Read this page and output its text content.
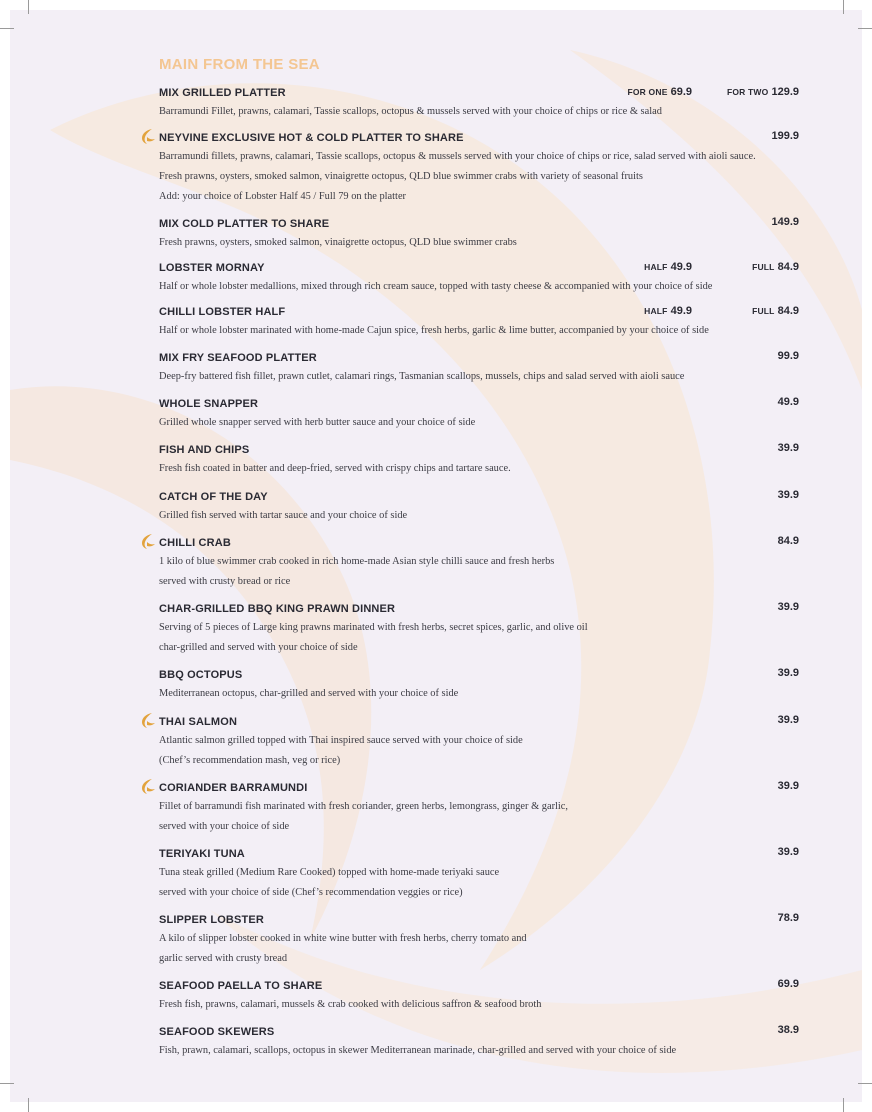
MAIN FROM THE SEA
MIX GRILLED PLATTER	FOR ONE 69.9	FOR TWO 129.9
Barramundi Fillet, prawns, calamari, Tassie scallops, octopus & mussels served with your choice of chips or rice & salad
NEYVINE EXCLUSIVE HOT & COLD PLATTER TO SHARE	199.9
Barramundi fillets, prawns, calamari, Tassie scallops, octopus & mussels served with your choice of chips or rice, salad served with aioli sauce.
Fresh prawns, oysters, smoked salmon, vinaigrette octopus, QLD blue swimmer crabs with variety of seasonal fruits
Add: your choice of Lobster Half 45 / Full 79 on the platter
MIX COLD PLATTER TO SHARE	149.9
Fresh prawns, oysters, smoked salmon, vinaigrette octopus, QLD blue swimmer crabs
LOBSTER MORNAY	HALF 49.9	FULL 84.9
Half or whole lobster medallions, mixed through rich cream sauce, topped with tasty cheese & accompanied with your choice of side
CHILLI LOBSTER HALF	HALF 49.9	FULL 84.9
Half or whole lobster marinated with home-made Cajun spice, fresh herbs, garlic & lime butter, accompanied by your choice of side
MIX FRY SEAFOOD PLATTER	99.9
Deep-fry battered fish fillet, prawn cutlet, calamari rings, Tasmanian scallops, mussels, chips and salad served with aioli sauce
WHOLE SNAPPER	49.9
Grilled whole snapper served with herb butter sauce and your choice of side
FISH AND CHIPS	39.9
Fresh fish coated in batter and deep-fried, served with crispy chips and tartare sauce.
CATCH OF THE DAY	39.9
Grilled fish served with tartar sauce and your choice of side
CHILLI CRAB	84.9
1 kilo of blue swimmer crab cooked in rich home-made Asian style chilli sauce and fresh herbs
served with crusty bread or rice
CHAR-GRILLED BBQ KING PRAWN DINNER	39.9
Serving of 5 pieces of Large king prawns marinated with fresh herbs, secret spices, garlic, and olive oil
char-grilled and served with your choice of side
BBQ OCTOPUS	39.9
Mediterranean octopus, char-grilled and served with your choice of side
THAI SALMON	39.9
Atlantic salmon grilled topped with Thai inspired sauce served with your choice of side
(Chef’s recommendation mash, veg or rice)
CORIANDER BARRAMUNDI	39.9
Fillet of barramundi fish marinated with fresh coriander, green herbs, lemongrass, ginger & garlic,
served with your choice of side
TERIYAKI TUNA	39.9
Tuna steak grilled (Medium Rare Cooked) topped with home-made teriyaki sauce
served with your choice of side (Chef’s recommendation veggies or rice)
SLIPPER LOBSTER	78.9
A kilo of slipper lobster cooked in white wine butter with fresh herbs, cherry tomato and
garlic served with crusty bread
SEAFOOD PAELLA TO SHARE	69.9
Fresh fish, prawns, calamari, mussels & crab cooked with delicious saffron & seafood broth
SEAFOOD SKEWERS	38.9
Fish, prawn, calamari, scallops, octopus in skewer Mediterranean marinade, char-grilled and served with your choice of side
